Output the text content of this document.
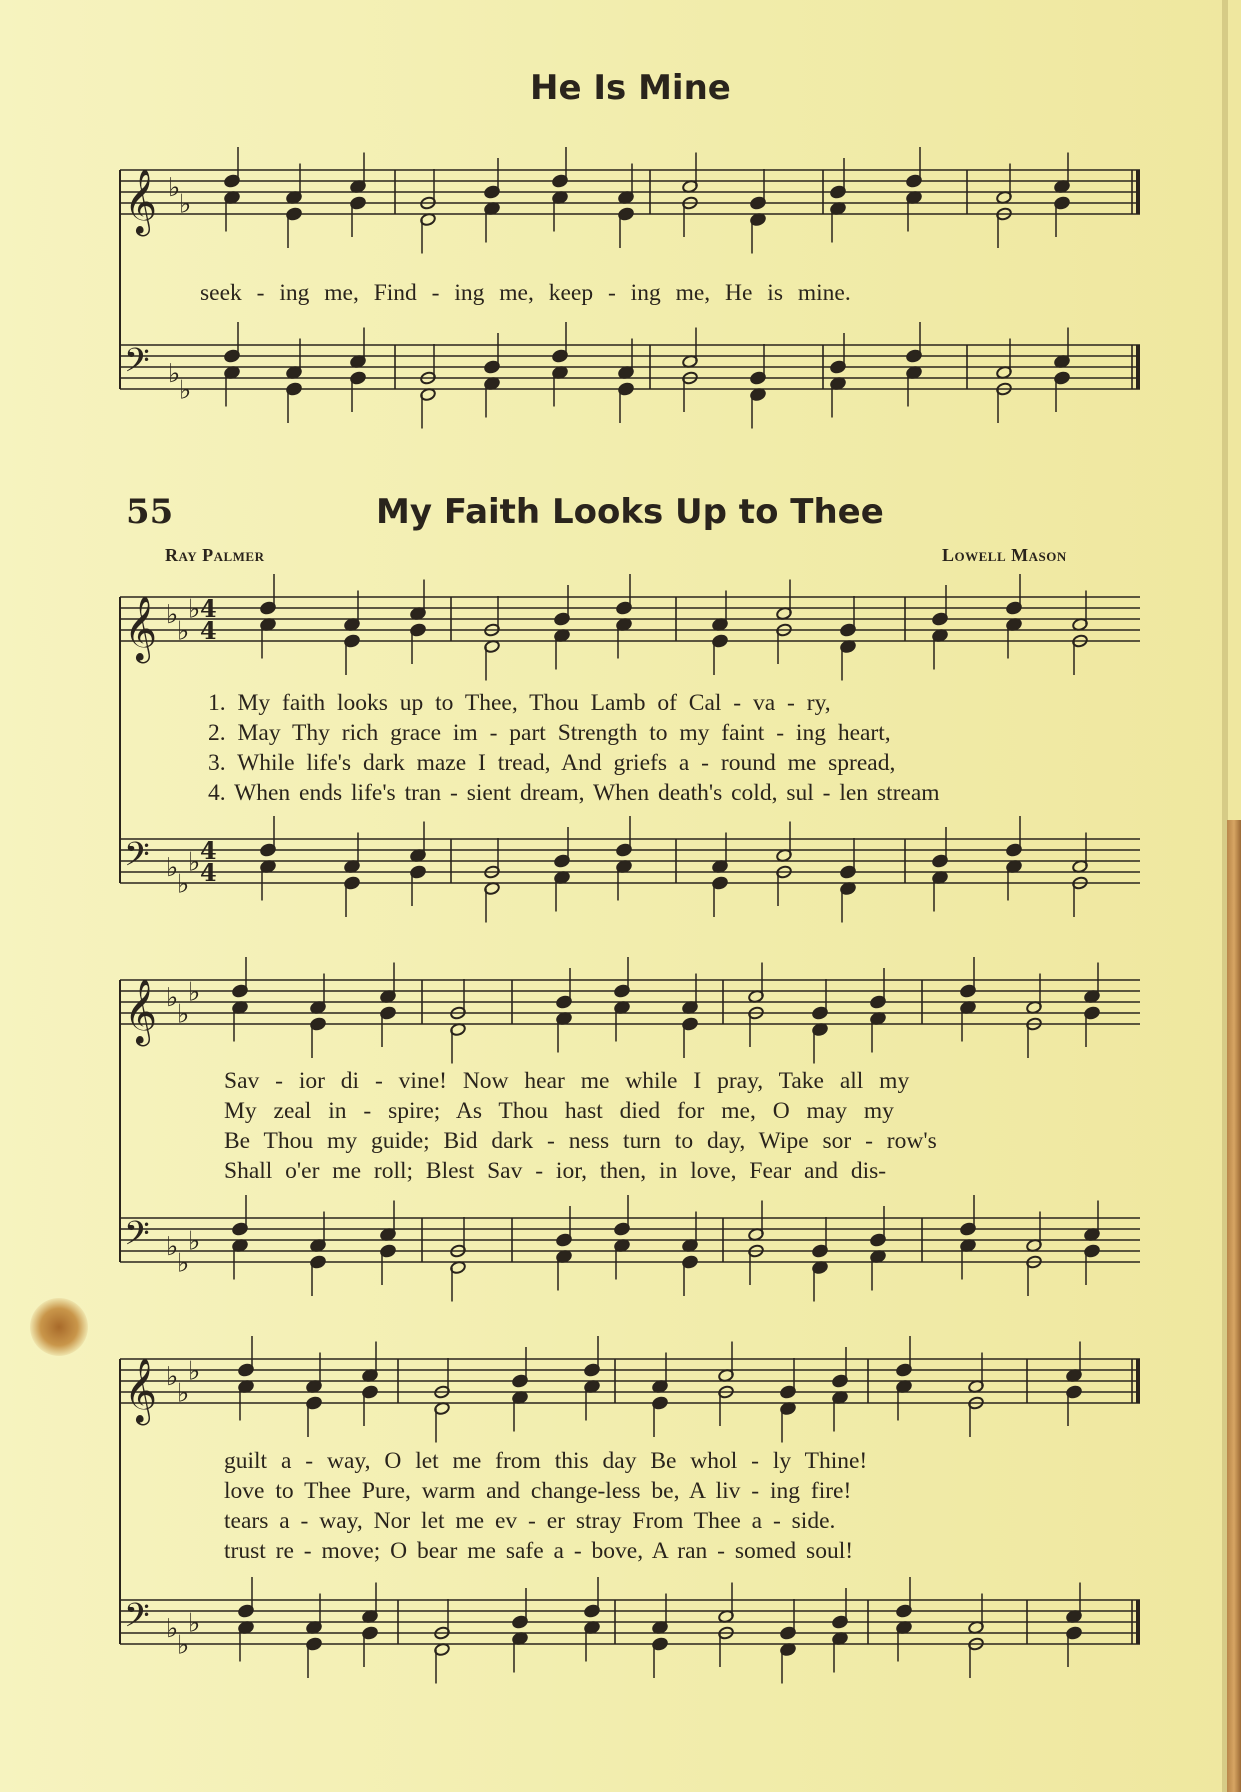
𝄞 ♭
♭
𝄢 ♭
♭
𝄞 ♭
♭
♭ 4
4
𝄢 ♭
♭
♭ 4
4
𝄞 ♭
♭
♭
𝄢 ♭
♭
♭
𝄞 ♭
♭
♭
𝄢 ♭
♭
♭
He Is Mine
seek - ing me, Find - ing me, keep - ing me, He is mine.
55	My Faith Looks Up to Thee
Ray Palmer	Lowell Mason
1. My faith looks up to Thee, Thou Lamb of Cal - va - ry,
2. May Thy rich grace im - part Strength to my faint - ing heart,
3. While life's dark maze I tread, And griefs a - round me spread,
4. When ends life's tran - sient dream, When death's cold, sul - len stream
Sav - ior di - vine! Now hear me while I pray, Take all my
My zeal in - spire; As Thou hast died for me, O may my
Be Thou my guide; Bid dark - ness turn to day, Wipe sor - row's
Shall o'er me roll; Blest Sav - ior, then, in love, Fear and dis-
guilt a - way, O let me from this day Be whol - ly Thine!
love to Thee Pure, warm and change-less be, A liv - ing fire!
tears a - way, Nor let me ev - er stray From Thee a - side.
trust re - move; O bear me safe a - bove, A ran - somed soul!
